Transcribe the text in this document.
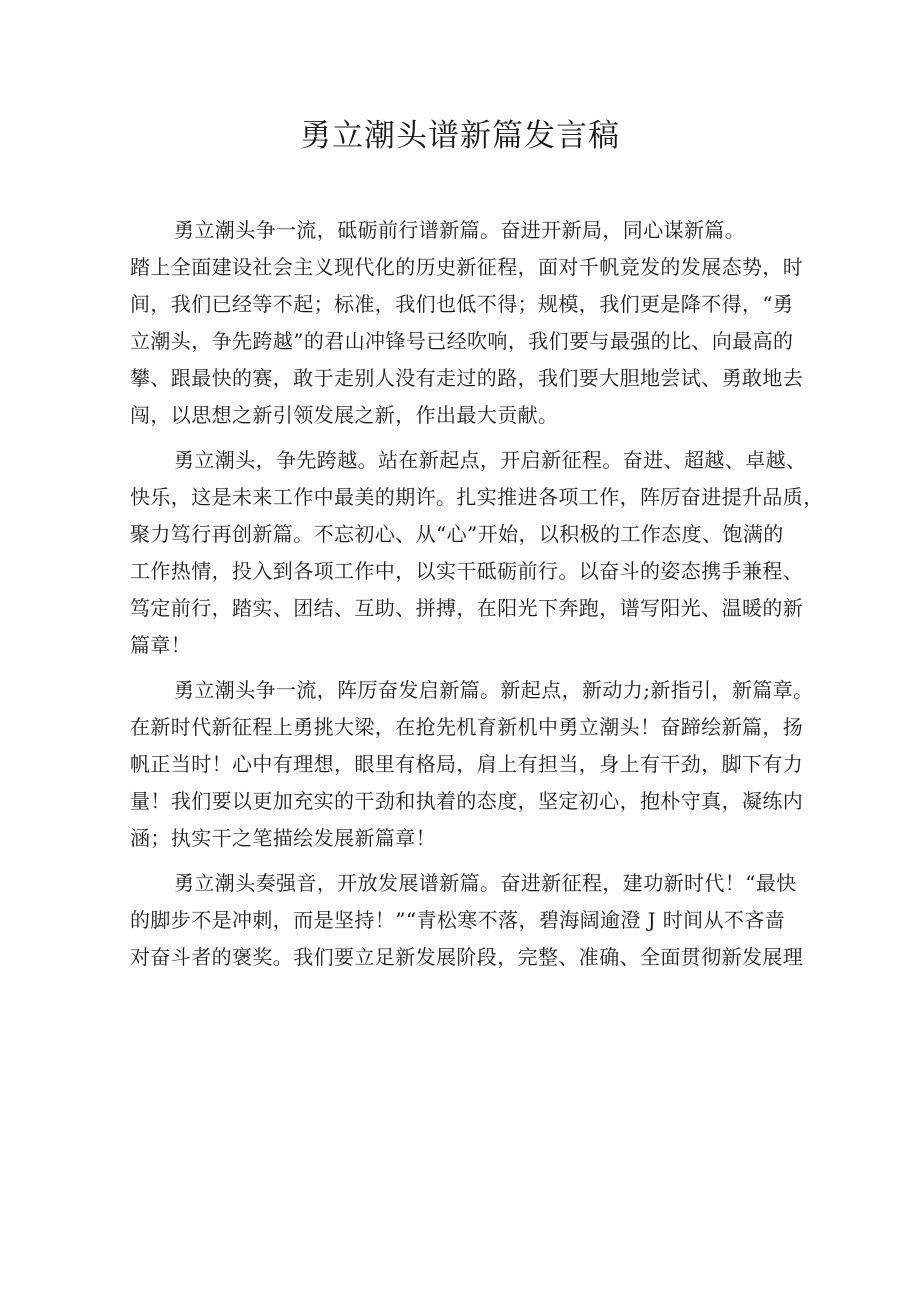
勇立潮头谱新篇发言稿
勇立潮头争一流，砥砺前行谱新篇。奋进开新局，同心谋新篇。
踏上全面建设社会主义现代化的历史新征程，面对千帆竞发的发展态势，时
间，我们已经等不起；标准，我们也低不得；规模，我们更是降不得，“勇
立潮头，争先跨越”的君山冲锋号已经吹响，我们要与最强的比、向最高的
攀、跟最快的赛，敢于走别人没有走过的路，我们要大胆地尝试、勇敢地去
闯，以思想之新引领发展之新，作出最大贡献。
勇立潮头，争先跨越。站在新起点，开启新征程。奋进、超越、卓越、
快乐，这是未来工作中最美的期许。扎实推进各项工作，阵厉奋进提升品质，
聚力笃行再创新篇。不忘初心、从“心”开始，以积极的工作态度、饱满的
工作热情，投入到各项工作中，以实干砥砺前行。以奋斗的姿态携手兼程、
笃定前行，踏实、团结、互助、拼搏，在阳光下奔跑，谱写阳光、温暖的新
篇章！
勇立潮头争一流，阵厉奋发启新篇。新起点，新动力;新指引，新篇章。
在新时代新征程上勇挑大梁，在抢先机育新机中勇立潮头！奋蹄绘新篇，扬
帆正当时！心中有理想，眼里有格局，肩上有担当，身上有干劲，脚下有力
量！我们要以更加充实的干劲和执着的态度，坚定初心，抱朴守真，凝练内
涵；执实干之笔描绘发展新篇章！
勇立潮头奏强音，开放发展谱新篇。奋进新征程，建功新时代！“最快
的脚步不是冲刺，而是坚持！”“青松寒不落，碧海阔逾澄 J 时间从不吝啬
对奋斗者的褒奖。我们要立足新发展阶段，完整、准确、全面贯彻新发展理
